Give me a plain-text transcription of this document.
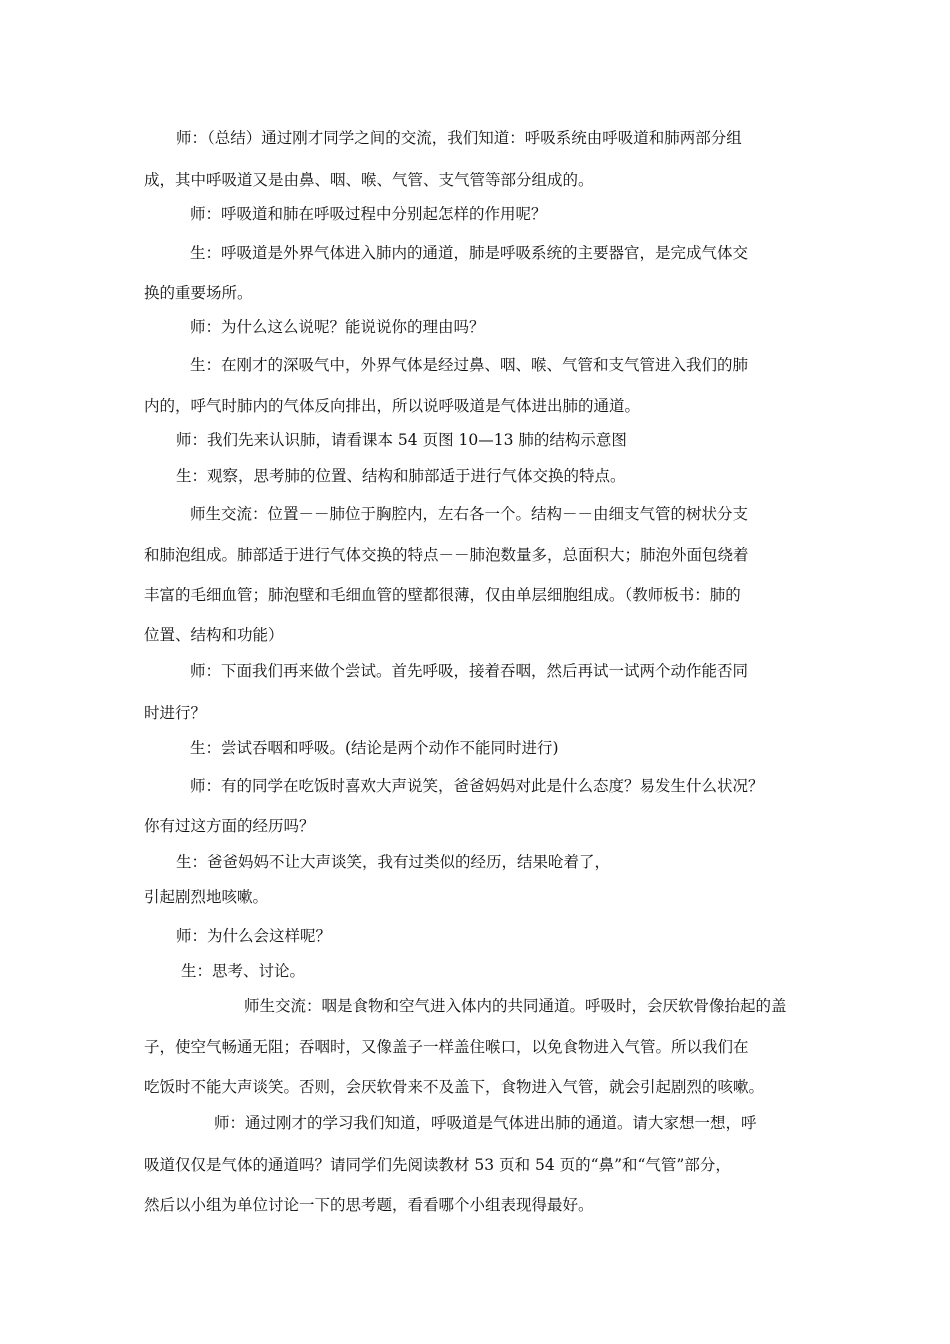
师：（总结）通过刚才同学之间的交流，我们知道：呼吸系统由呼吸道和肺两部分组
成，其中呼吸道又是由鼻、咽、喉、气管、支气管等部分组成的。
师：呼吸道和肺在呼吸过程中分别起怎样的作用呢？
生：呼吸道是外界气体进入肺内的通道，肺是呼吸系统的主要器官，是完成气体交
换的重要场所。
师：为什么这么说呢？能说说你的理由吗？
生：在刚才的深吸气中，外界气体是经过鼻、咽、喉、气管和支气管进入我们的肺
内的，呼气时肺内的气体反向排出，所以说呼吸道是气体进出肺的通道。
师：我们先来认识肺，请看课本 54 页图 10—13 肺的结构示意图
生：观察，思考肺的位置、结构和肺部适于进行气体交换的特点。
师生交流：位置－－肺位于胸腔内，左右各一个。结构－－由细支气管的树状分支
和肺泡组成。肺部适于进行气体交换的特点－－肺泡数量多，总面积大；肺泡外面包绕着
丰富的毛细血管；肺泡壁和毛细血管的壁都很薄，仅由单层细胞组成。（教师板书：肺的
位置、结构和功能）
师：下面我们再来做个尝试。首先呼吸，接着吞咽，然后再试一试两个动作能否同
时进行？
生：尝试吞咽和呼吸。(结论是两个动作不能同时进行)
师：有的同学在吃饭时喜欢大声说笑，爸爸妈妈对此是什么态度？易发生什么状况？
你有过这方面的经历吗？
生：爸爸妈妈不让大声谈笑，我有过类似的经历，结果呛着了，
引起剧烈地咳嗽。
师：为什么会这样呢？
生：思考、讨论。
师生交流：咽是食物和空气进入体内的共同通道。呼吸时，会厌软骨像抬起的盖
子，使空气畅通无阻；吞咽时，又像盖子一样盖住喉口，以免食物进入气管。所以我们在
吃饭时不能大声谈笑。否则，会厌软骨来不及盖下，食物进入气管，就会引起剧烈的咳嗽。
师：通过刚才的学习我们知道，呼吸道是气体进出肺的通道。请大家想一想，呼
吸道仅仅是气体的通道吗？请同学们先阅读教材 53 页和 54 页的“鼻”和“气管”部分，
然后以小组为单位讨论一下的思考题，看看哪个小组表现得最好。
